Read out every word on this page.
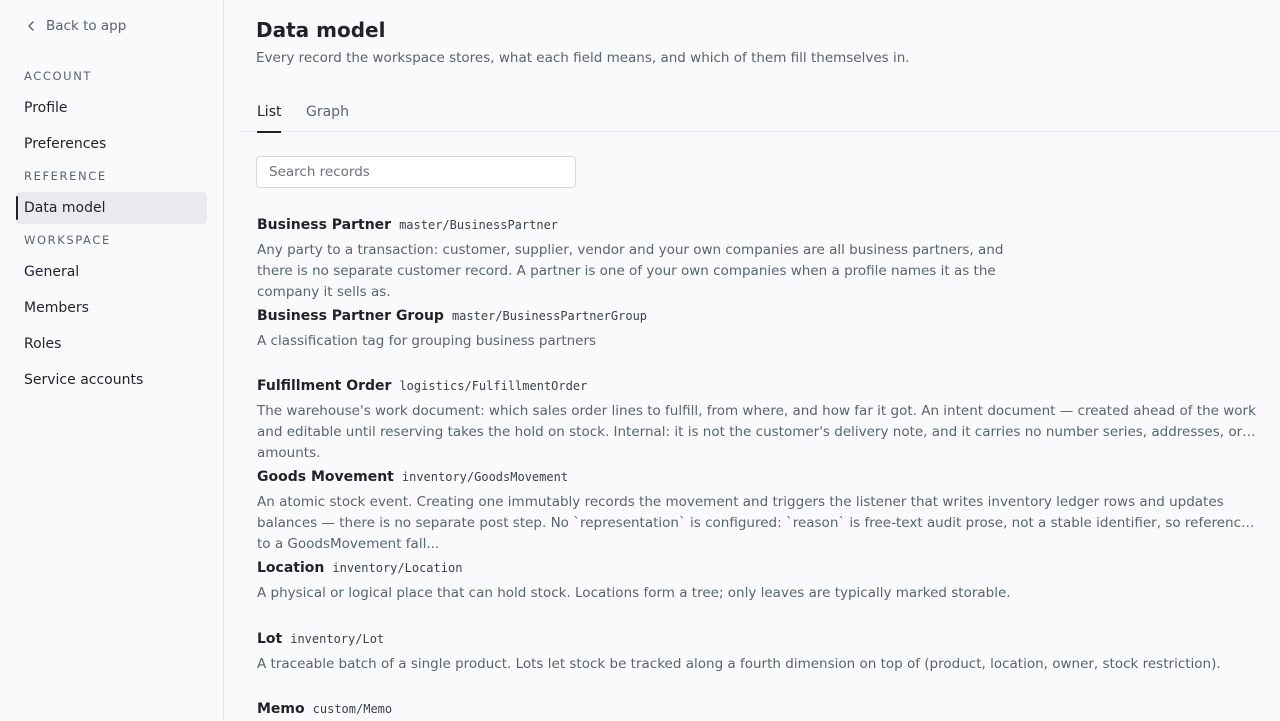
Back to app
ACCOUNT
Profile
Preferences
REFERENCE
Data model
WORKSPACE
General
Members
Roles
Service accounts
Data model

Every record the workspace stores, what each field means, and which of them fill themselves in.

List Graph
Search records
Business Partner master/BusinessPartner
Any party to a transaction: customer, supplier, vendor and your own companies are all business partners, and there is no separate customer record. A partner is one of your own companies when a profile names it as the company it sells as.
Business Partner Group master/BusinessPartnerGroup
A classification tag for grouping business partners
Fulfillment Order logistics/FulfillmentOrder
The warehouse's work document: which sales order lines to fulfill, from where, and how far it got. An intent document — created ahead of the work and editable until reserving takes the hold on stock. Internal: it is not the customer's delivery note, and it carries no number series, addresses, or amounts.
Goods Movement inventory/GoodsMovement
An atomic stock event. Creating one immutably records the movement and triggers the listener that writes inventory ledger rows and updates balances — there is no separate post step. No `representation` is configured: `reason` is free-text audit prose, not a stable identifier, so references to a GoodsMovement fall...
Location inventory/Location
A physical or logical place that can hold stock. Locations form a tree; only leaves are typically marked storable.
Lot inventory/Lot
A traceable batch of a single product. Lots let stock be tracked along a fourth dimension on top of (product, location, owner, stock restriction).
Memo custom/Memo
